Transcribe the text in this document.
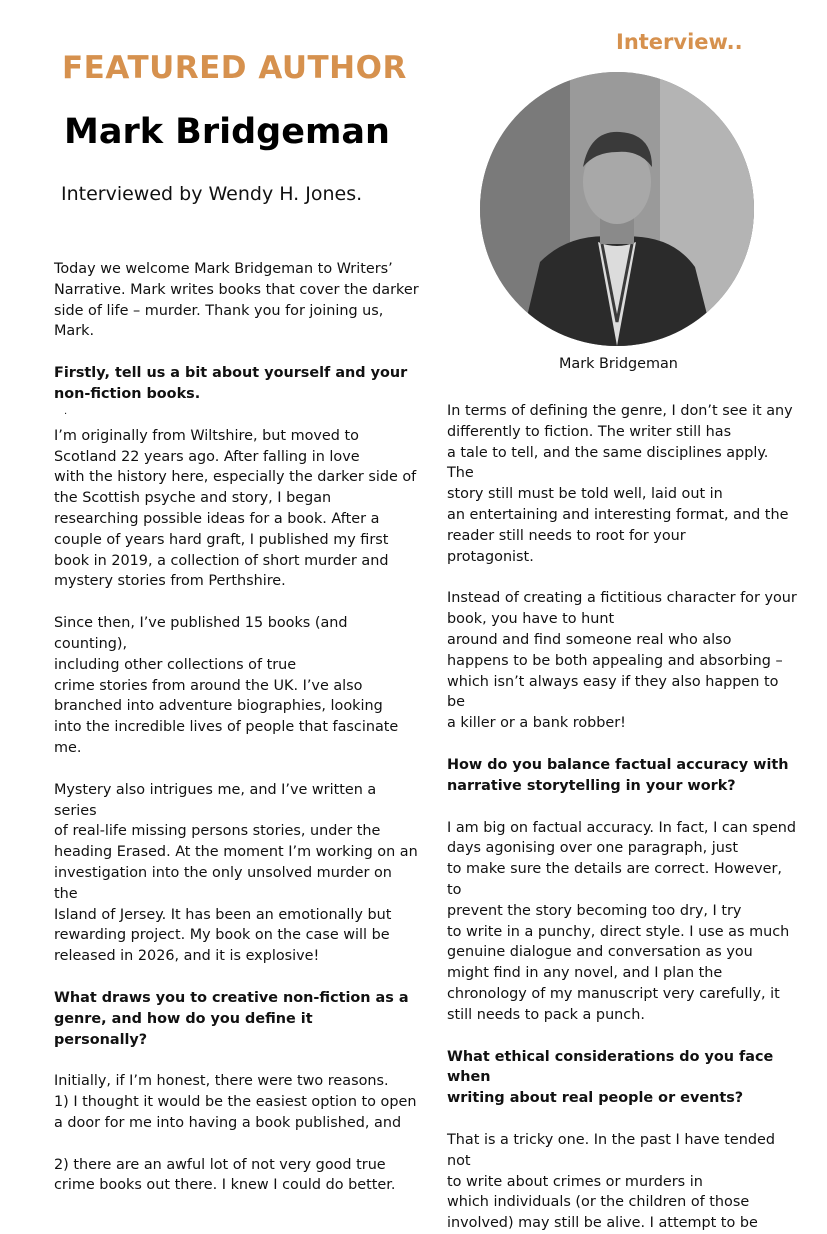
Interview..
FEATURED AUTHOR
Mark Bridgeman
Interviewed by Wendy H. Jones.
Mark Bridgeman

Today we welcome Mark Bridgeman to Writers’
Narrative. Mark writes books that cover the darker
side of life – murder. Thank you for joining us,
Mark.

Firstly, tell us a bit about yourself and your
non-fiction books.

.

I’m originally from Wiltshire, but moved to
Scotland 22 years ago. After falling in love
with the history here, especially the darker side of
the Scottish psyche and story, I began
researching possible ideas for a book. After a
couple of years hard graft, I published my first
book in 2019, a collection of short murder and
mystery stories from Perthshire.

Since then, I’ve published 15 books (and counting),
including other collections of true
crime stories from around the UK. I’ve also
branched into adventure biographies, looking
into the incredible lives of people that fascinate
me.

Mystery also intrigues me, and I’ve written a series
of real-life missing persons stories, under the
heading Erased. At the moment I’m working on an
investigation into the only unsolved murder on the
Island of Jersey. It has been an emotionally but
rewarding project. My book on the case will be
released in 2026, and it is explosive!

What draws you to creative non-fiction as a
genre, and how do you define it
personally?

Initially, if I’m honest, there were two reasons.
1) I thought it would be the easiest option to open
a door for me into having a book published, and

2) there are an awful lot of not very good true
crime books out there. I knew I could do better.

In terms of defining the genre, I don’t see it any
differently to fiction. The writer still has
a tale to tell, and the same disciplines apply. The
story still must be told well, laid out in
an entertaining and interesting format, and the
reader still needs to root for your
protagonist.

Instead of creating a fictitious character for your
book, you have to hunt
around and find someone real who also
happens to be both appealing and absorbing –
which isn’t always easy if they also happen to be
a killer or a bank robber!

How do you balance factual accuracy with
narrative storytelling in your work?

I am big on factual accuracy. In fact, I can spend
days agonising over one paragraph, just
to make sure the details are correct. However, to
prevent the story becoming too dry, I try
to write in a punchy, direct style. I use as much
genuine dialogue and conversation as you
might find in any novel, and I plan the
chronology of my manuscript very carefully, it
still needs to pack a punch.

What ethical considerations do you face when
writing about real people or events?

That is a tricky one. In the past I have tended not
to write about crimes or murders in
which individuals (or the children of those
involved) may still be alive. I attempt to be
